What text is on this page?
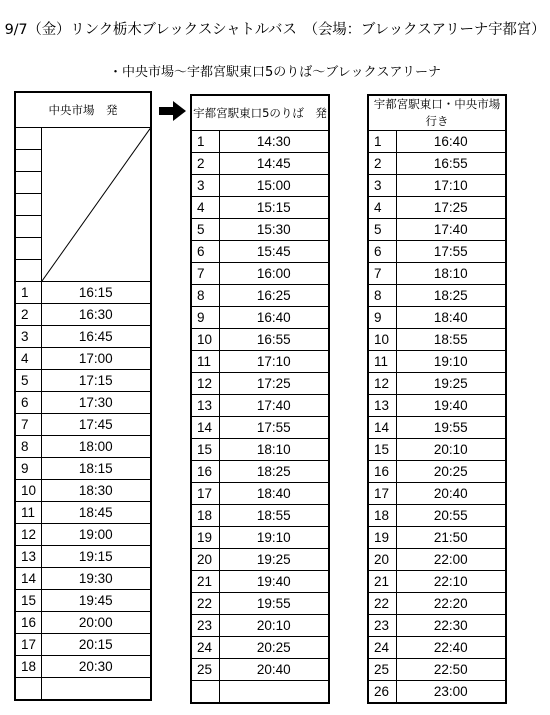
9/7（金）リンク栃木ブレックスシャトルバス　（会場：ブレックスアリーナ宇都宮）
・中央市場～宇都宮駅東口5のりば～ブレックスアリーナ
中央市場　発	

1	16:15
2	16:30
3	16:45
4	17:00
5	17:15
6	17:30
7	17:45
8	18:00
9	18:15
10	18:30
11	18:45
12	19:00
13	19:15
14	19:30
15	19:45
16	20:00
17	20:15
18	20:30

宇都宮駅東口5のりば　発	
1	14:30
2	14:45
3	15:00
4	15:15
5	15:30
6	15:45
7	16:00
8	16:25
9	16:40
10	16:55
11	17:10
12	17:25
13	17:40
14	17:55
15	18:10
16	18:25
17	18:40
18	18:55
19	19:10
20	19:25
21	19:40
22	19:55
23	20:10
24	20:25
25	20:40

宇都宮駅東口・中央市場
行き	

1	16:40
2	16:55
3	17:10
4	17:25
5	17:40
6	17:55
7	18:10
8	18:25
9	18:40
10	18:55
11	19:10
12	19:25
13	19:40
14	19:55
15	20:10
16	20:25
17	20:40
18	20:55
19	21:50
20	22:00
21	22:10
22	22:20
23	22:30
24	22:40
25	22:50
26	23:00
